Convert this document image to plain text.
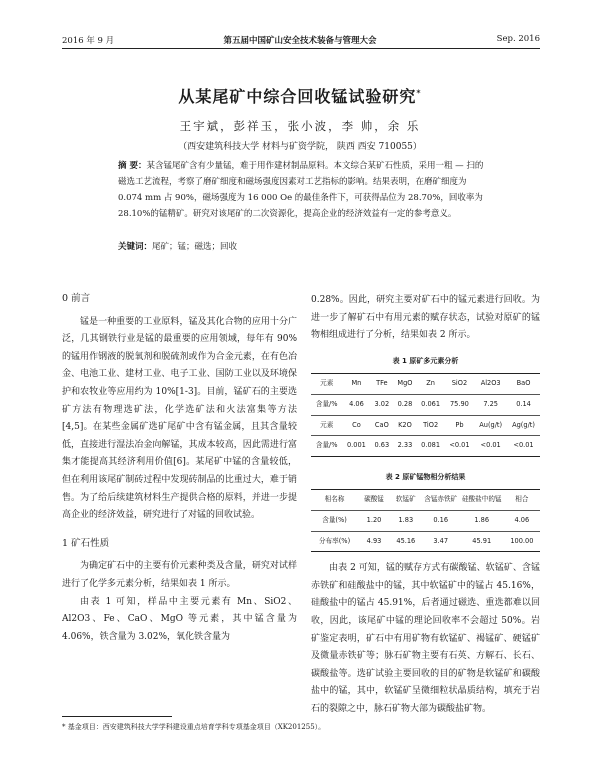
2016 年 9 月	第五届中国矿山安全技术装备与管理大会	Sep. 2016
从某尾矿中综合回收锰试验研究*
王宇斌，彭祥玉，张小波，李 帅，余 乐
（西安建筑科技大学 材料与矿资学院， 陕西 西安 710055）
摘 要：某含锰尾矿含有少量锰，难于用作建材制品原料。本文综合某矿石性质，采用一粗 — 扫的磁选工艺流程，考察了磨矿细度和磁场强度因素对工艺指标的影响。结果表明，在磨矿细度为 0.074 mm 占 90%，磁场强度为 16 000 Oe 的最佳条件下，可获得品位为 28.70%，回收率为 28.10%的锰精矿。研究对该尾矿的二次资源化，提高企业的经济效益有一定的参考意义。
关键词：尾矿；锰；磁选；回收
0 前言

锰是一种重要的工业原料，锰及其化合物的应用十分广泛，几其钢铁行业是锰的最重要的应用领域，每年有 90%的锰用作钢液的脱氧剂和脱硫剂或作为合金元素，在有色冶金、电池工业、建材工业、电子工业、国防工业以及环境保护和农牧业等应用约为 10%[1-3]。目前，锰矿石的主要选矿方法有物理选矿法，化学选矿法和火法富集等方法[4,5]。在某些金属矿选矿尾矿中含有锰金属，且其含量较低，直接进行湿法冶金向解锰，其成本较高，因此需进行富集才能提高其经济利用价值[6]。某尾矿中锰的含量较低，但在利用该尾矿制砖过程中发现砖制品的比重过大，难于销售。为了给后续建筑材料生产提供合格的原料，并进一步提高企业的经济效益，研究进行了对锰的回收试验。

1 矿石性质

为确定矿石中的主要有价元素种类及含量，研究对试样进行了化学多元素分析，结果如表 1 所示。

由表 1 可知，样品中主要元素有 Mn、SiO2、Al2O3、Fe、CaO、MgO 等元素，其中锰含量为 4.06%，铁含量为 3.02%，氧化铁含量为

0.28%。因此，研究主要对矿石中的锰元素进行回收。为进一步了解矿石中有用元素的赋存状态，试验对原矿的锰物相组成进行了分析，结果如表 2 所示。

表 1 原矿多元素分析
元素	Mn	TFe	MgO	Zn	SiO2	Al2O3	BaO
含量/%	4.06	3.02	0.28	0.061	75.90	7.25	0.14
元素	Co	CaO	K2O	TiO2	Pb	Au(g/t)	Ag(g/t)
含量/%	0.001	0.63	2.33	0.081	<0.01	<0.01	<0.01
表 2 原矿锰物相分析结果
相名称	碳酸锰	软锰矿	含锰赤铁矿	硅酸盐中的锰	相合
含量(%)	1.20	1.83	0.16	1.86	4.06
分布率(%)	4.93	45.16	3.47	45.91	100.00

由表 2 可知，锰的赋存方式有碳酸锰、软锰矿、含锰赤铁矿和硅酸盐中的锰，其中软锰矿中的锰占 45.16%，硅酸盐中的锰占 45.91%，后者通过磁选、重选都难以回收，因此，该尾矿中锰的理论回收率不会超过 50%。岩矿鉴定表明，矿石中有用矿物有软锰矿、褐锰矿、硬锰矿及微量赤铁矿等；脉石矿物主要有石英、方解石、长石、碳酸盐等。选矿试验主要回收的目的矿物是软锰矿和碳酸盐中的锰，其中，软锰矿呈微细粒状晶质结构，填充于岩石的裂隙之中，脉石矿物大部为碳酸盐矿物。

* 基金项目：西安建筑科技大学学科建设重点培育学科专项基金项目（XK201255）。
